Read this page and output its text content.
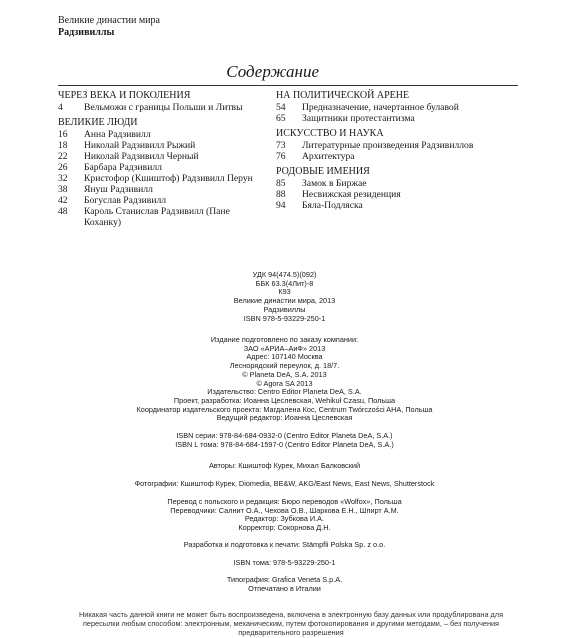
Великие династии мира
Радзивиллы
Содержание
ЧЕРЕЗ ВЕКА И ПОКОЛЕНИЯ
4	Вельможи с границы Польши и Литвы
ВЕЛИКИЕ ЛЮДИ
16	Анна Радзивилл
18	Николай Радзивилл Рыжий
22	Николай Радзивилл Черный
26	Барбара Радзивилл
32	Кристофор (Кшиштоф) Радзивилл Перун
38	Януш Радзивилл
42	Богуслав Радзивилл
48	Кароль Станислав Радзивилл (Пане Коханку)
НА ПОЛИТИЧЕСКОЙ АРЕНЕ
54	Предназначение, начертанное булавой
65	Защитники протестантизма
ИСКУССТВО И НАУКА
73	Литературные произведения Радзивиллов
76	Архитектура
РОДОВЫЕ ИМЕНИЯ
85	Замок в Биржае
88	Несвижская резиденция
94	Бяла-Подляска
УДК 94(474.5)(092)
ББК 63.3(4Лит)-8
К93
Великие династии мира, 2013
Радзивиллы
ISBN 978-5-93229-250-1
Издание подготовлено по заказу компании:
ЗАО «АРИА–АиФ» 2013
Адрес: 107140 Москва
Леснорядский переулок, д. 18/7.
© Planeta DeA, S.A. 2013
© Agora SA 2013
Издательство: Centro Editor Planeta DeA, S.A.
Проект, разработка: Иоанна Цеслевская, Wehikuł Czasu, Польша
Координатор издательского проекта: Магдалена Кос, Centrum Twórczości AHA, Польша
Ведущий редактор: Иоанна Цеслевская
ISBN серии: 978-84-684-0932-0 (Centro Editor Planeta DeA, S.A.)
ISBN L тома: 978-84-684-1597-0 (Centro Editor Planeta DeA, S.A.)
Авторы: Кшиштоф Курек, Михал Балковский
Фотографии: Кшиштоф Курек, Diomedia, BE&W, AKG/East News, East News, Shutterstock
Перевод с польского и редакция: Бюро переводов «Wolfox», Польша
Переводчики: Салнит О.А., Чехова О.В., Шаркова Е.Н., Шпирт А.М.
Редактор: Зубкова И.А.
Корректор: Сокорнова Д.Н.
Разработка и подготовка к печати: Stämpfli Polska Sp. z o.o.
ISBN тома: 978-5-93229-250-1
Типография: Grafica Veneta S.p.A.
Отпечатано в Италии
Никакая часть данной книги не может быть воспроизведена, включена в электронную базу данных или продублирована для пересылки любым способом: электронным, механическим, путем фотокопирования и другими методами, – без получения предварительного разрешения
